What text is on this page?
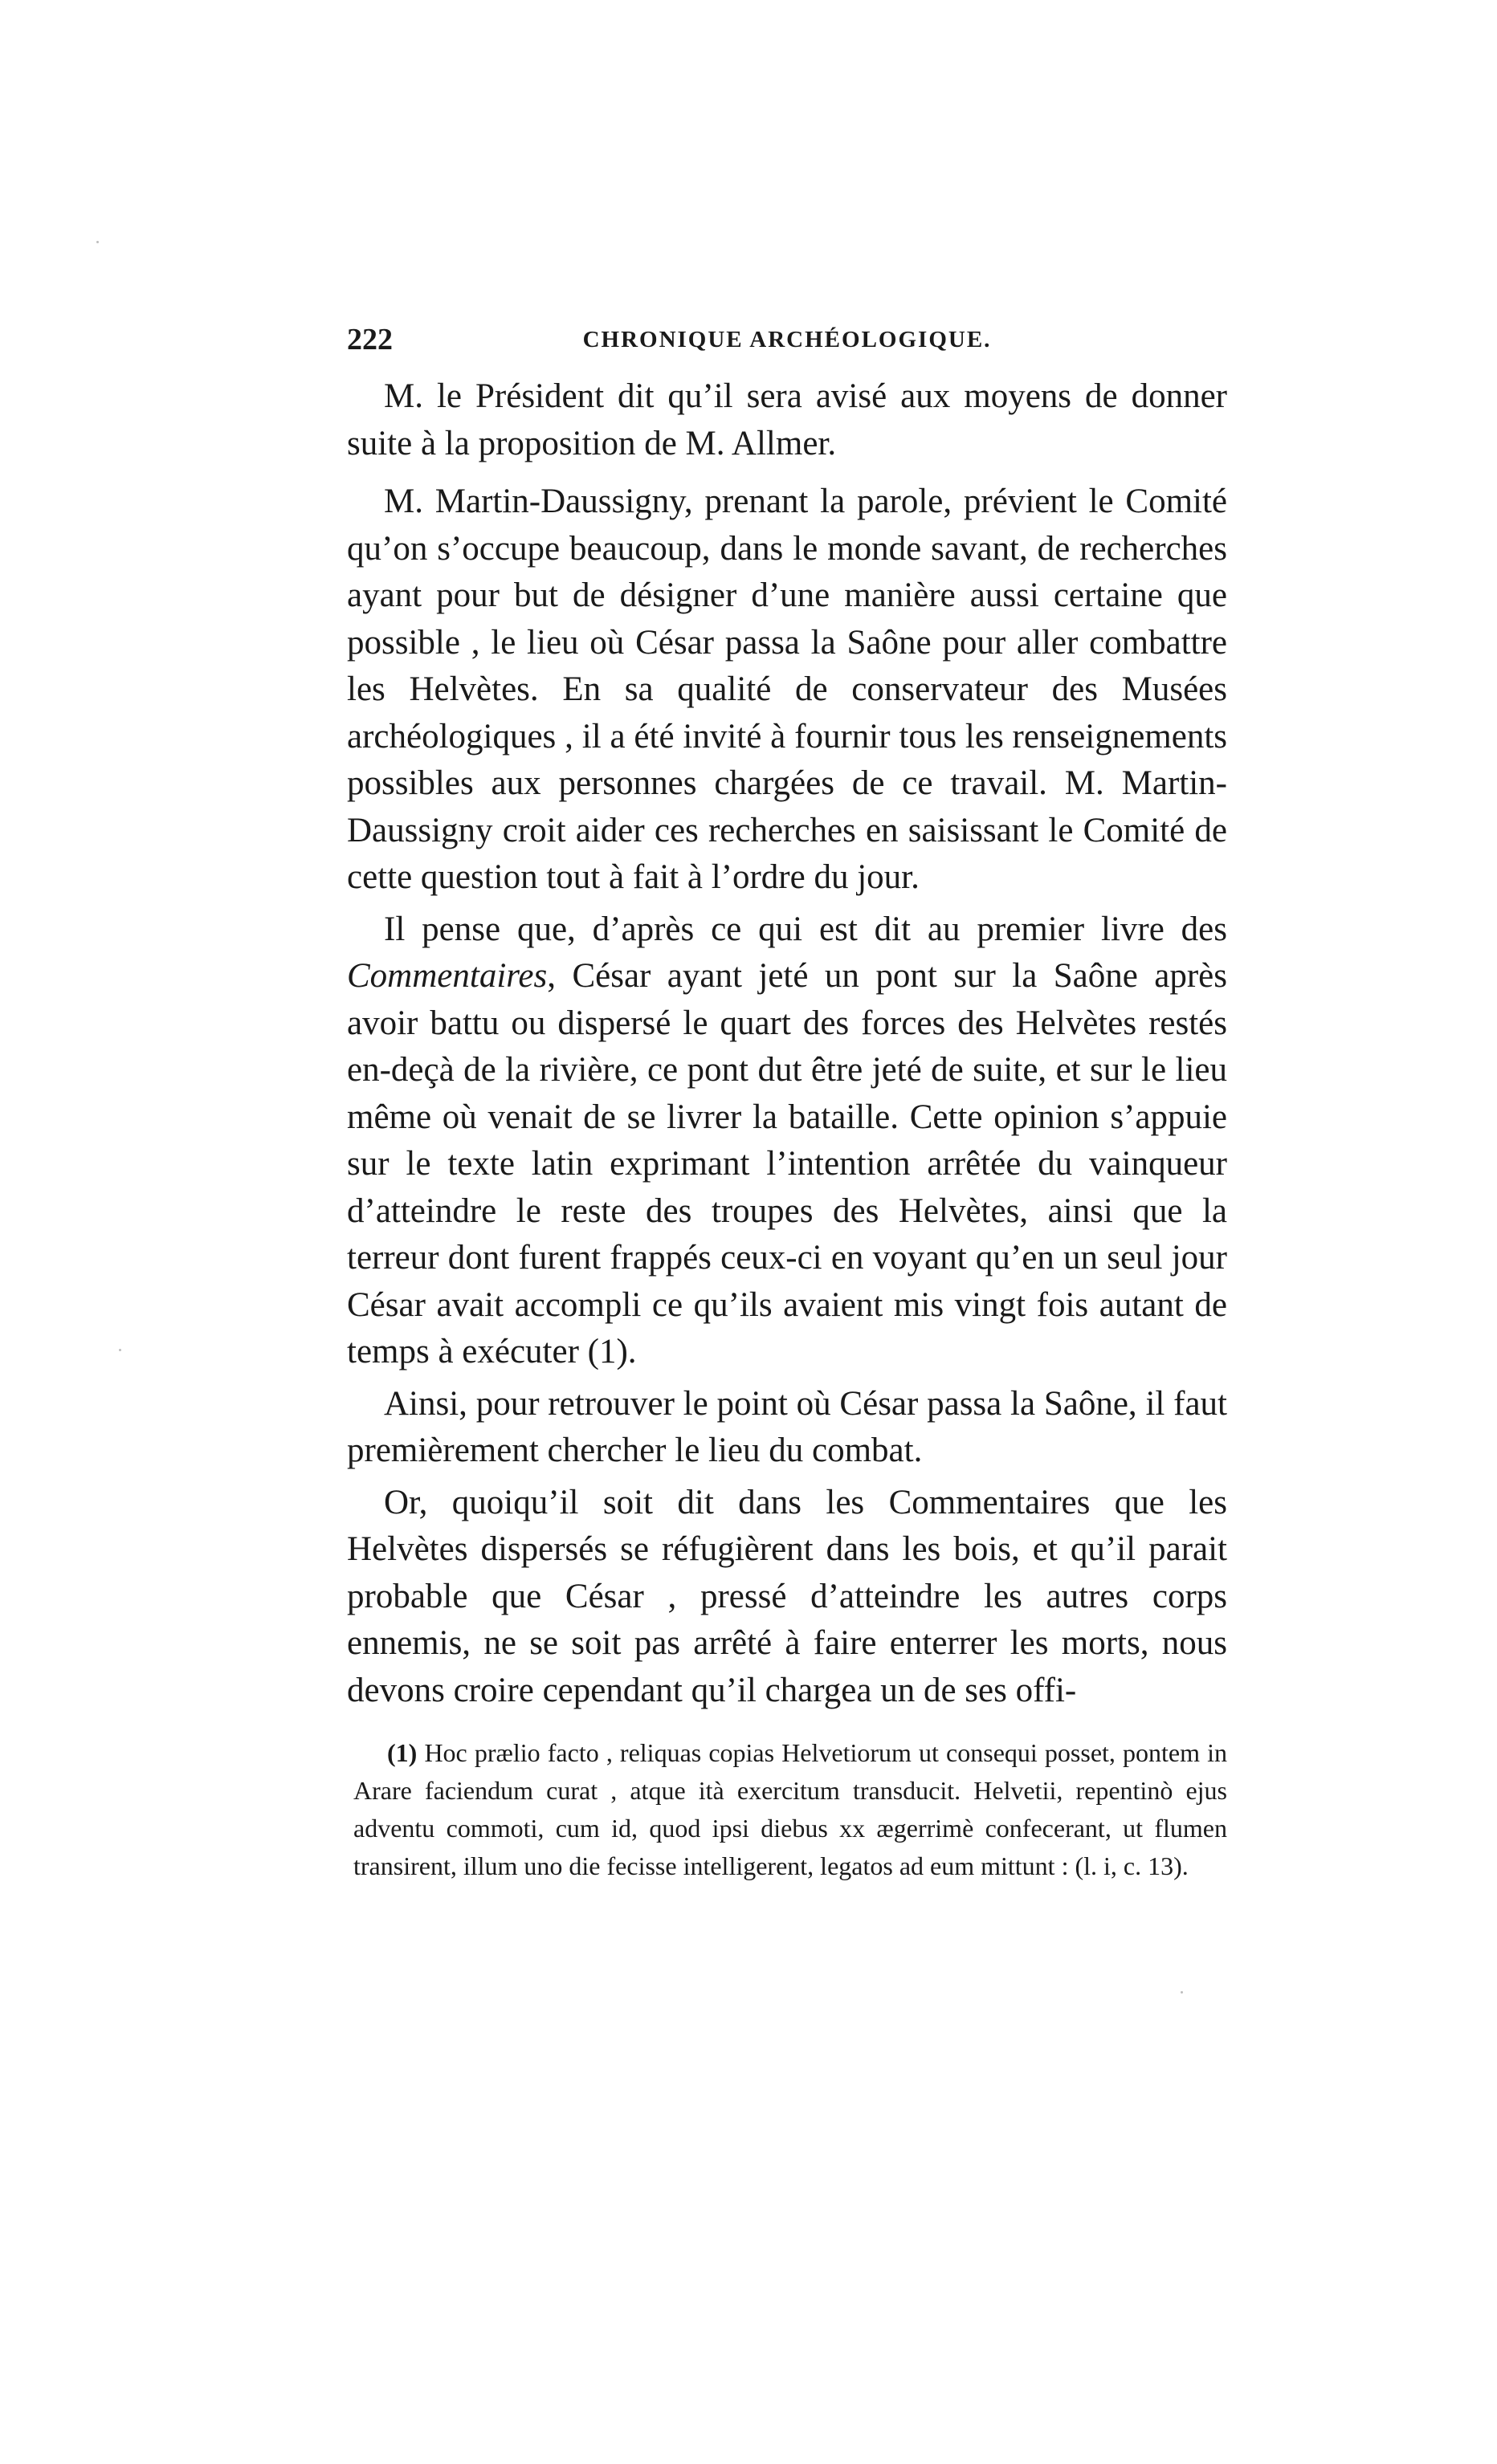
222	CHRONIQUE ARCHÉOLOGIQUE.

M. le Président dit qu’il sera avisé aux moyens de donner suite à la proposition de M. Allmer.

M. Martin-Daussigny, prenant la parole, prévient le Comité qu’on s’occupe beaucoup, dans le monde savant, de recherches ayant pour but de désigner d’une manière aussi certaine que possible , le lieu où César passa la Saône pour aller combattre les Helvètes. En sa qualité de conservateur des Musées archéologiques , il a été invité à fournir tous les renseignements possibles aux personnes chargées de ce travail. M. Martin-Daussigny croit aider ces recherches en saisissant le Comité de cette question tout à fait à l’ordre du jour.

Il pense que, d’après ce qui est dit au premier livre des Commentaires, César ayant jeté un pont sur la Saône après avoir battu ou dispersé le quart des forces des Helvètes restés en-deçà de la rivière, ce pont dut être jeté de suite, et sur le lieu même où venait de se livrer la bataille. Cette opinion s’appuie sur le texte latin exprimant l’intention arrêtée du vainqueur d’atteindre le reste des troupes des Helvètes, ainsi que la terreur dont furent frappés ceux-ci en voyant qu’en un seul jour César avait accompli ce qu’ils avaient mis vingt fois autant de temps à exécuter (1).

Ainsi, pour retrouver le point où César passa la Saône, il faut premièrement chercher le lieu du combat.

Or, quoiqu’il soit dit dans les Commentaires que les Helvètes dispersés se réfugièrent dans les bois, et qu’il parait probable que César , pressé d’atteindre les autres corps ennemis, ne se soit pas arrêté à faire enterrer les morts, nous devons croire cependant qu’il chargea un de ses offi-

(1) Hoc prælio facto , reliquas copias Helvetiorum ut consequi posset, pontem in Arare faciendum curat , atque ità exercitum transducit. Helvetii, repentinò ejus adventu commoti, cum id, quod ipsi diebus xx ægerrimè confecerant, ut flumen transirent, illum uno die fecisse intelligerent, legatos ad eum mittunt : (l. i, c. 13).
